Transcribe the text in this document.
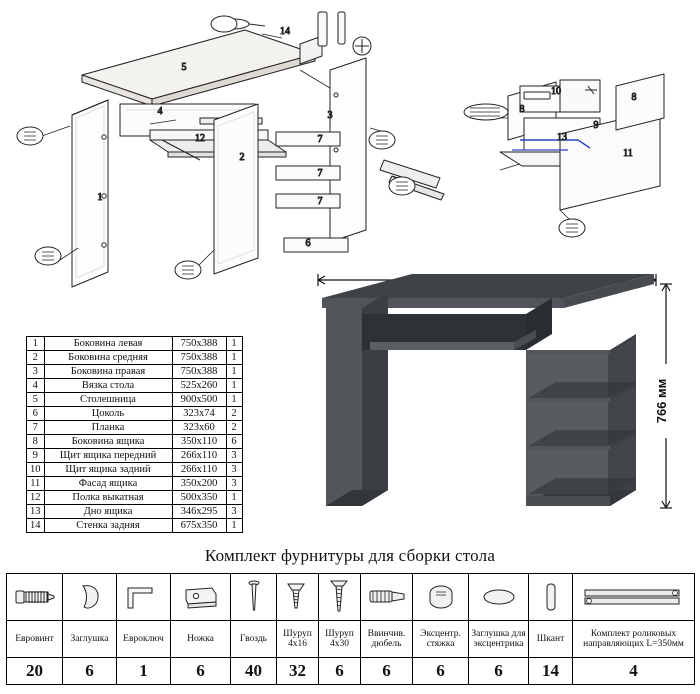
1
2
3
4
5
6
7
7
7
8
8
9
10
11
12	13
14
1	Боковина левая	750x388	1
2	Боковина средняя	750x388	1
3	Боковина правая	750x388	1
4	Вязка стола	525x260	1
5	Столешница	900x500	1
6	Цоколь	323x74	2
7	Планка	323x60	2
8	Боковина ящика	350x110	6
9	Щит ящика передний	266x110	3
10	Щит ящика задний	266x110	3
11	Фасад ящика	350x200	3
12	Полка выкатная	500x350	1
13	Дно ящика	346x295	3
14	Стенка задняя	675x350	1
766 мм
Комплект фурнитуры для сборки стола

Евровинт	Заглушка	Евроключ	Ножка	Гвоздь	Шуруп 4х16	Шуруп 4х30	Ввинчив. дюбель	Эксцентр. стяжка	Заглушка для эксцентрика	Шкант	Комплект роликовых направляющих L=350мм
20	6	1	6	40	32	6	6	6	6	14	4
